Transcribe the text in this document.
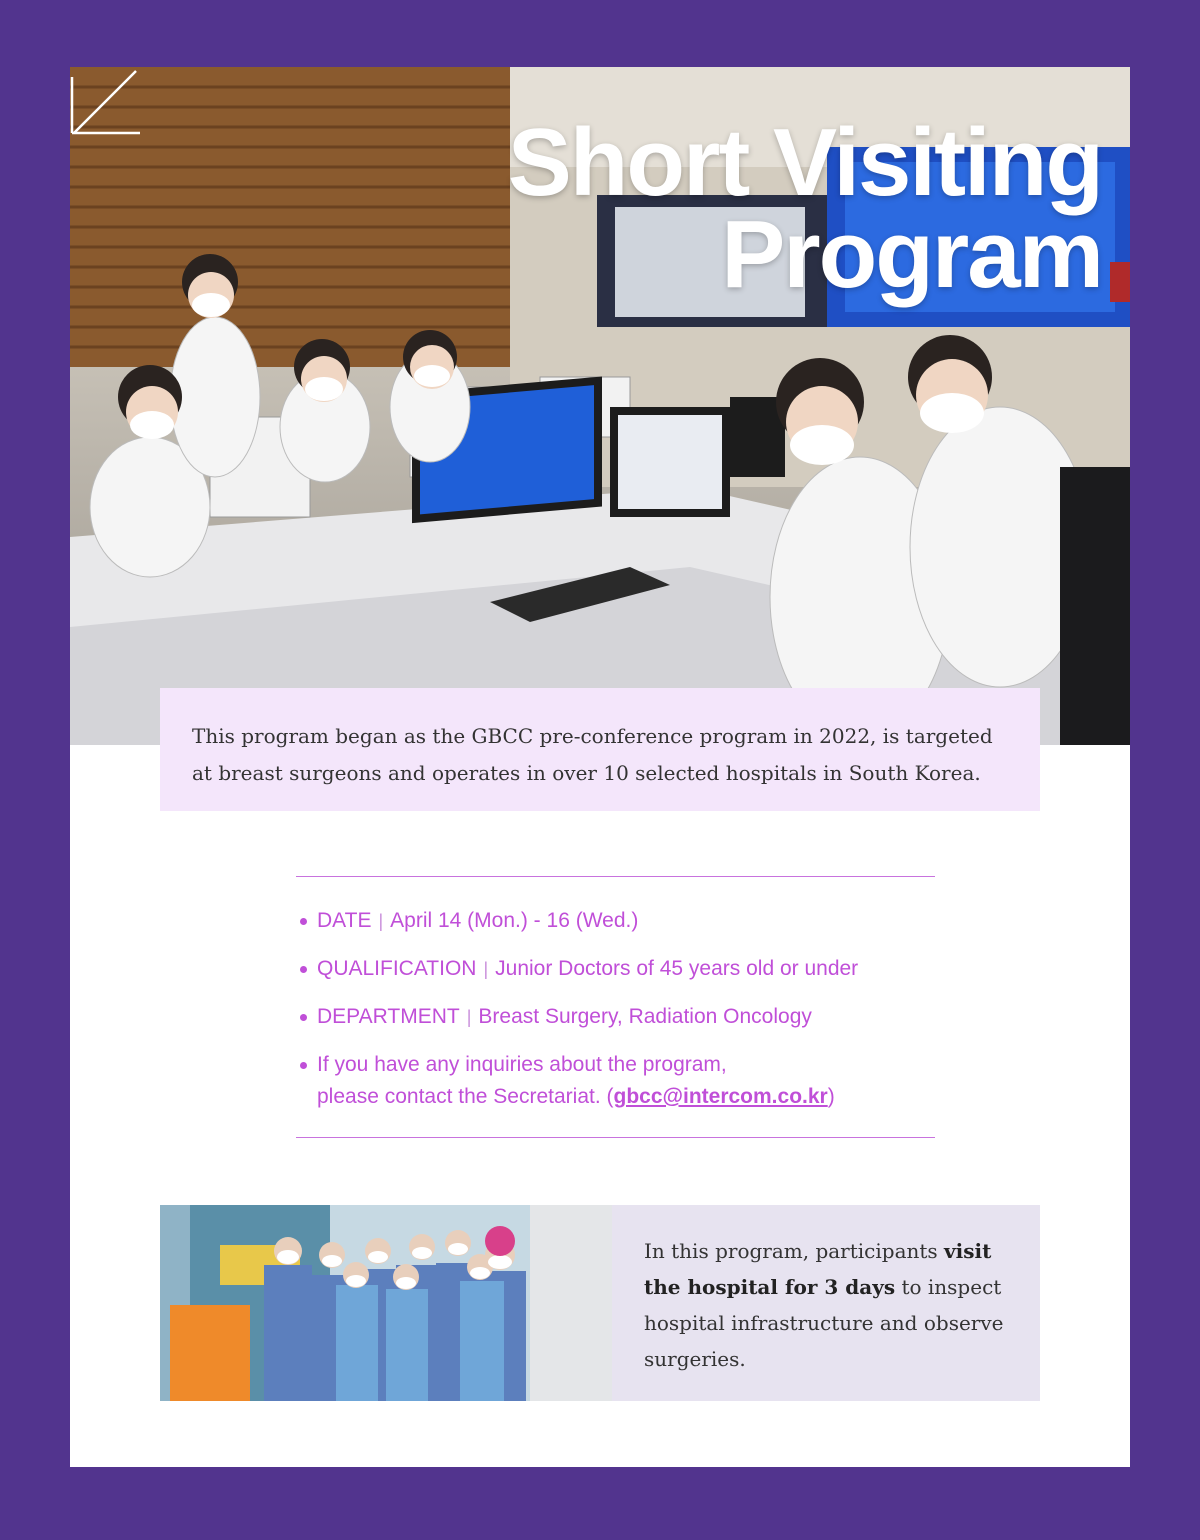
Short Visiting
Program
This program began as the GBCC pre-conference program in 2022, is targeted at breast surgeons and operates in over 10 selected hospitals in South Korea.
DATE | April 14 (Mon.) - 16 (Wed.)
QUALIFICATION | Junior Doctors of 45 years old or under
DEPARTMENT | Breast Surgery, Radiation Oncology
If you have any inquiries about the program,
please contact the Secretariat. (gbcc@intercom.co.kr)
In this program, participants visit the hospital for 3 days to inspect hospital infrastructure and observe surgeries.
